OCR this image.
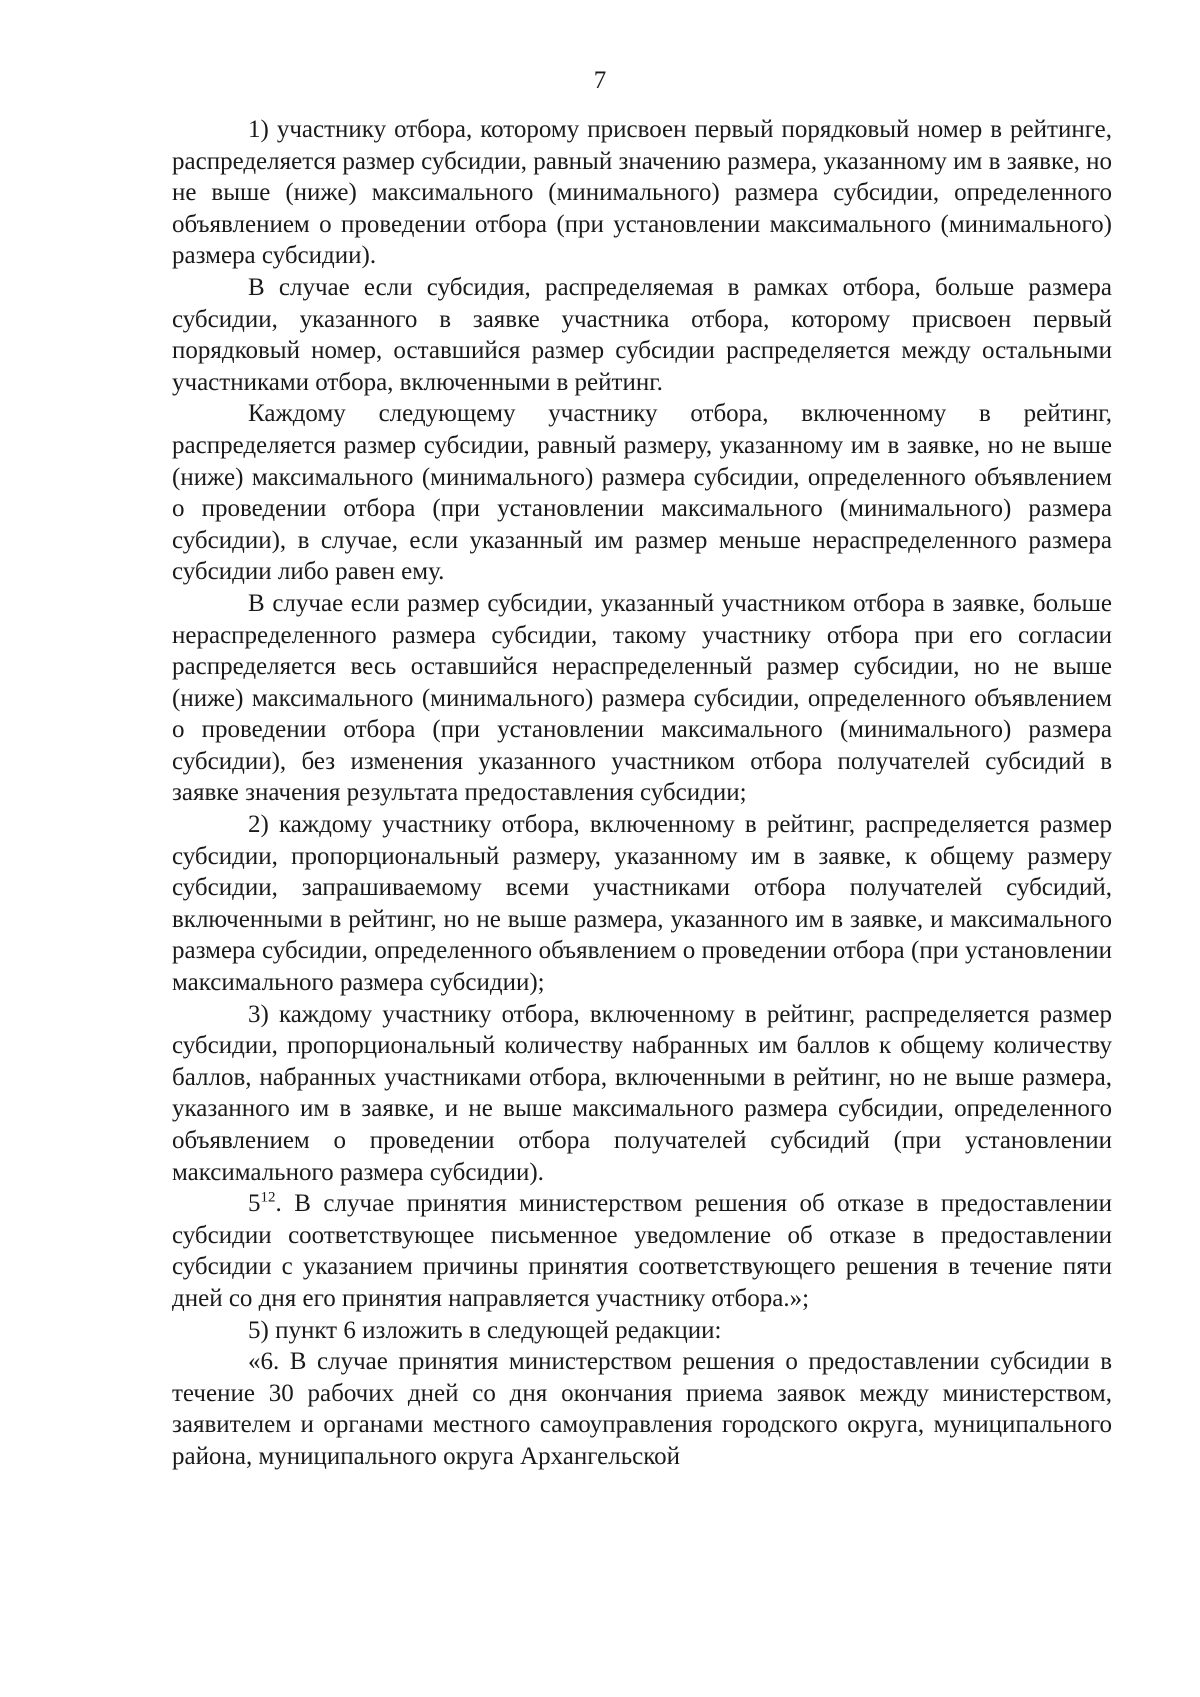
7

1) участнику отбора, которому присвоен первый порядковый номер в рейтинге, распределяется размер субсидии, равный значению размера, указанному им в заявке, но не выше (ниже) максимального (минимального) размера субсидии, определенного объявлением о проведении отбора (при установлении максимального (минимального) размера субсидии).

В случае если субсидия, распределяемая в рамках отбора, больше размера субсидии, указанного в заявке участника отбора, которому присвоен первый порядковый номер, оставшийся размер субсидии распределяется между остальными участниками отбора, включенными в рейтинг.

Каждому следующему участнику отбора, включенному в рейтинг, распределяется размер субсидии, равный размеру, указанному им в заявке, но не выше (ниже) максимального (минимального) размера субсидии, определенного объявлением о проведении отбора (при установлении максимального (минимального) размера субсидии), в случае, если указанный им размер меньше нераспределенного размера субсидии либо равен ему.

В случае если размер субсидии, указанный участником отбора в заявке, больше нераспределенного размера субсидии, такому участнику отбора при его согласии распределяется весь оставшийся нераспределенный размер субсидии, но не выше (ниже) максимального (минимального) размера субсидии, определенного объявлением о проведении отбора (при установлении максимального (минимального) размера субсидии), без изменения указанного участником отбора получателей субсидий в заявке значения результата предоставления субсидии;

2) каждому участнику отбора, включенному в рейтинг, распределяется размер субсидии, пропорциональный размеру, указанному им в заявке, к общему размеру субсидии, запрашиваемому всеми участниками отбора получателей субсидий, включенными в рейтинг, но не выше размера, указанного им в заявке, и максимального размера субсидии, определенного объявлением о проведении отбора (при установлении максимального размера субсидии);

3) каждому участнику отбора, включенному в рейтинг, распределяется размер субсидии, пропорциональный количеству набранных им баллов к общему количеству баллов, набранных участниками отбора, включенными в рейтинг, но не выше размера, указанного им в заявке, и не выше максимального размера субсидии, определенного объявлением о проведении отбора получателей субсидий (при установлении максимального размера субсидии).

$5^{12}$. В случае принятия министерством решения об отказе в предоставлении субсидии соответствующее письменное уведомление об отказе в предоставлении субсидии с указанием причины принятия соответствующего решения в течение пяти дней со дня его принятия направляется участнику отбора.»;

5) пункт 6 изложить в следующей редакции:

«6. В случае принятия министерством решения о предоставлении субсидии в течение 30 рабочих дней со дня окончания приема заявок между министерством, заявителем и органами местного самоуправления городского округа, муниципального района, муниципального округа Архангельской
